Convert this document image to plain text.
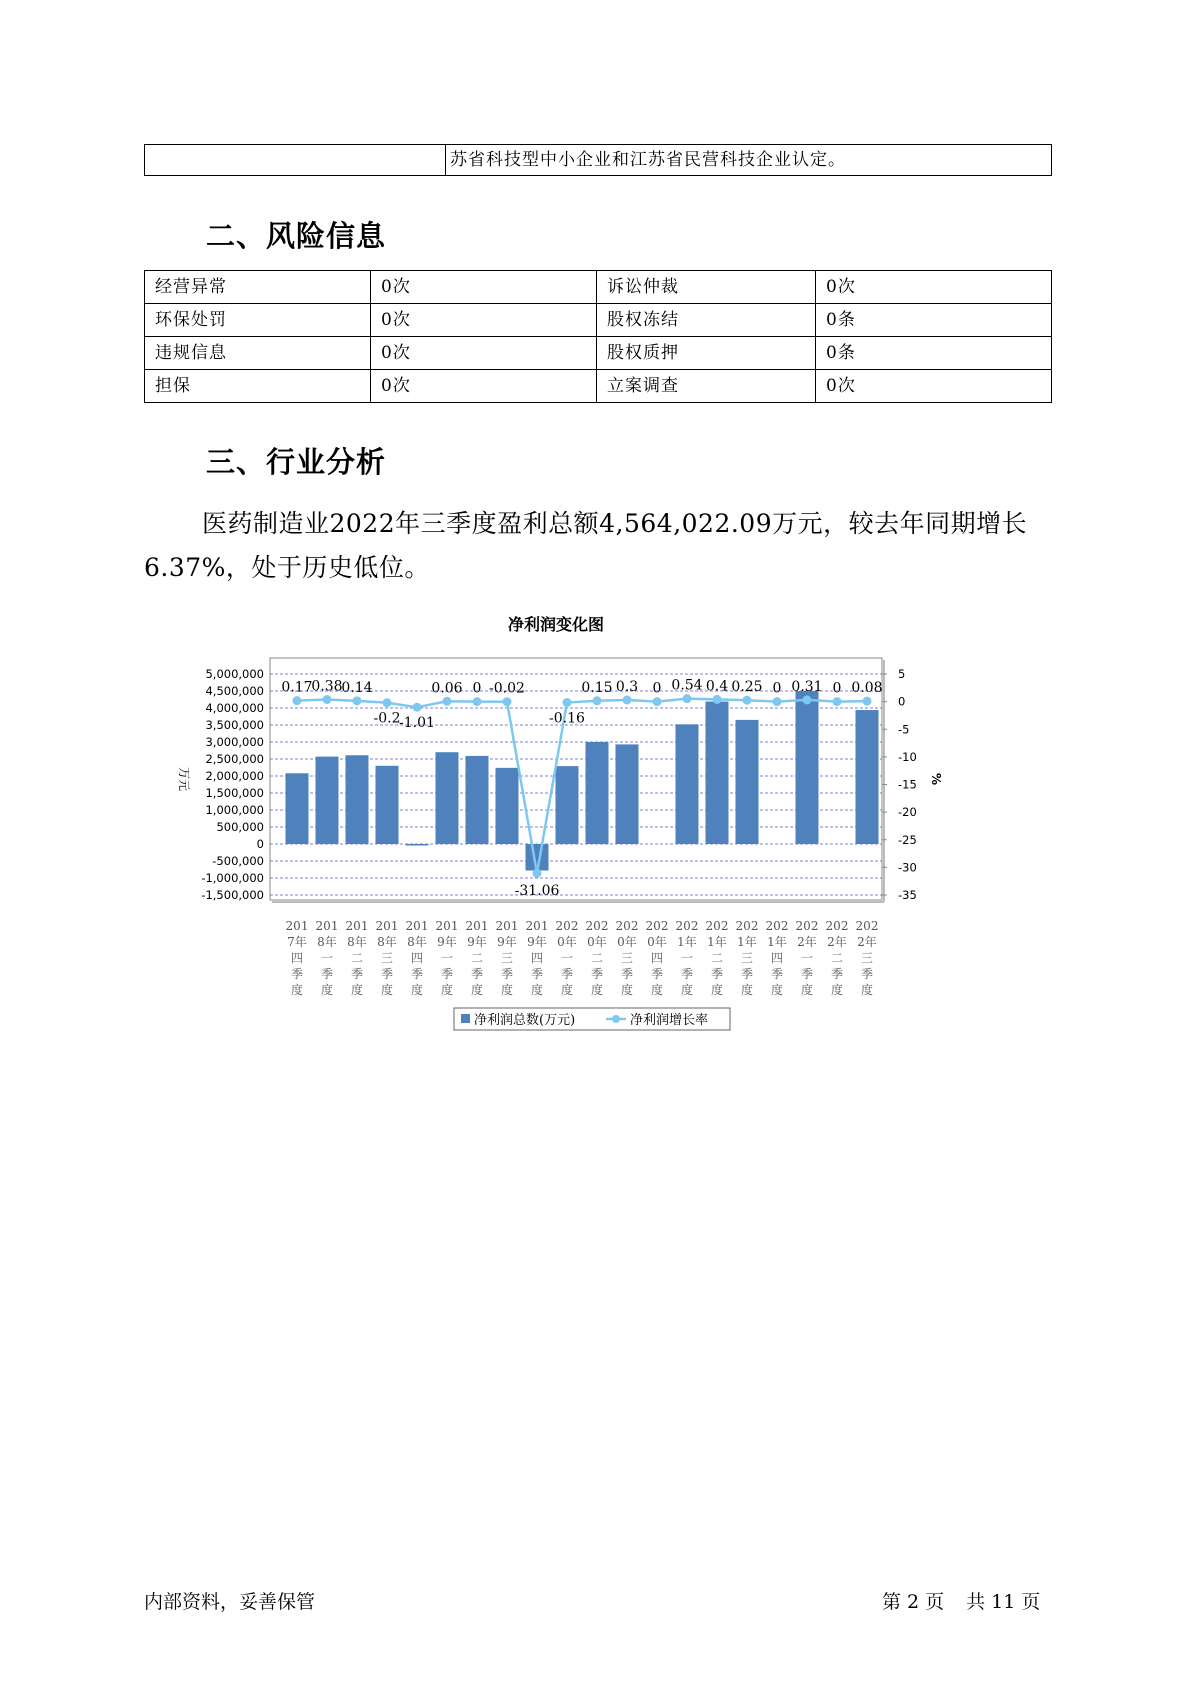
	苏省科技型中小企业和江苏省民营科技企业认定。
二、风险信息
经营异常	0次	诉讼仲裁	0次
环保处罚	0次	股权冻结	0条
违规信息	0次	股权质押	0条
担保	0次	立案调查	0次
三、行业分析

医药制造业2022年三季度盈利总额4,564,022.09万元，较去年同期增长6.37%，处于历史低位。

5,000,000
4,500,000
4,000,000
3,500,000
3,000,000
2,500,000
2,000,000
1,500,000
1,000,000
500,000
0
-500,000
-1,000,000
-1,500,000
5
0
-5
-10
-15
-20
-25
-30
-35
万元	%
0.17
0.38
0.14
-0.2
-1.01
0.06 0 -0.02
-31.06
-0.16
0.15 0.3 0 0.54 0.4 0.25 0 0.31 0 0.08
201
7年
四
季
度
201
8年
一
季
度
201
8年
二
季
度
201
8年
三
季
度
201
8年
四
季
度
201
9年
一
季
度
201
9年
二
季
度
201
9年
三
季
度
201
9年
四
季
度
202
0年
一
季
度
202
0年
二
季
度
202
0年
三
季
度
202
0年
四
季
度
202
1年
一
季
度
202
1年
二
季
度
202
1年
三
季
度
202
1年
四
季
度
202
2年
一
季
度
202
2年
二
季
度
202
2年
三
季
度
净利润总数(万元)	净利润增长率
净利润变化图
内部资料，妥善保管	第 2 页 共 11 页
